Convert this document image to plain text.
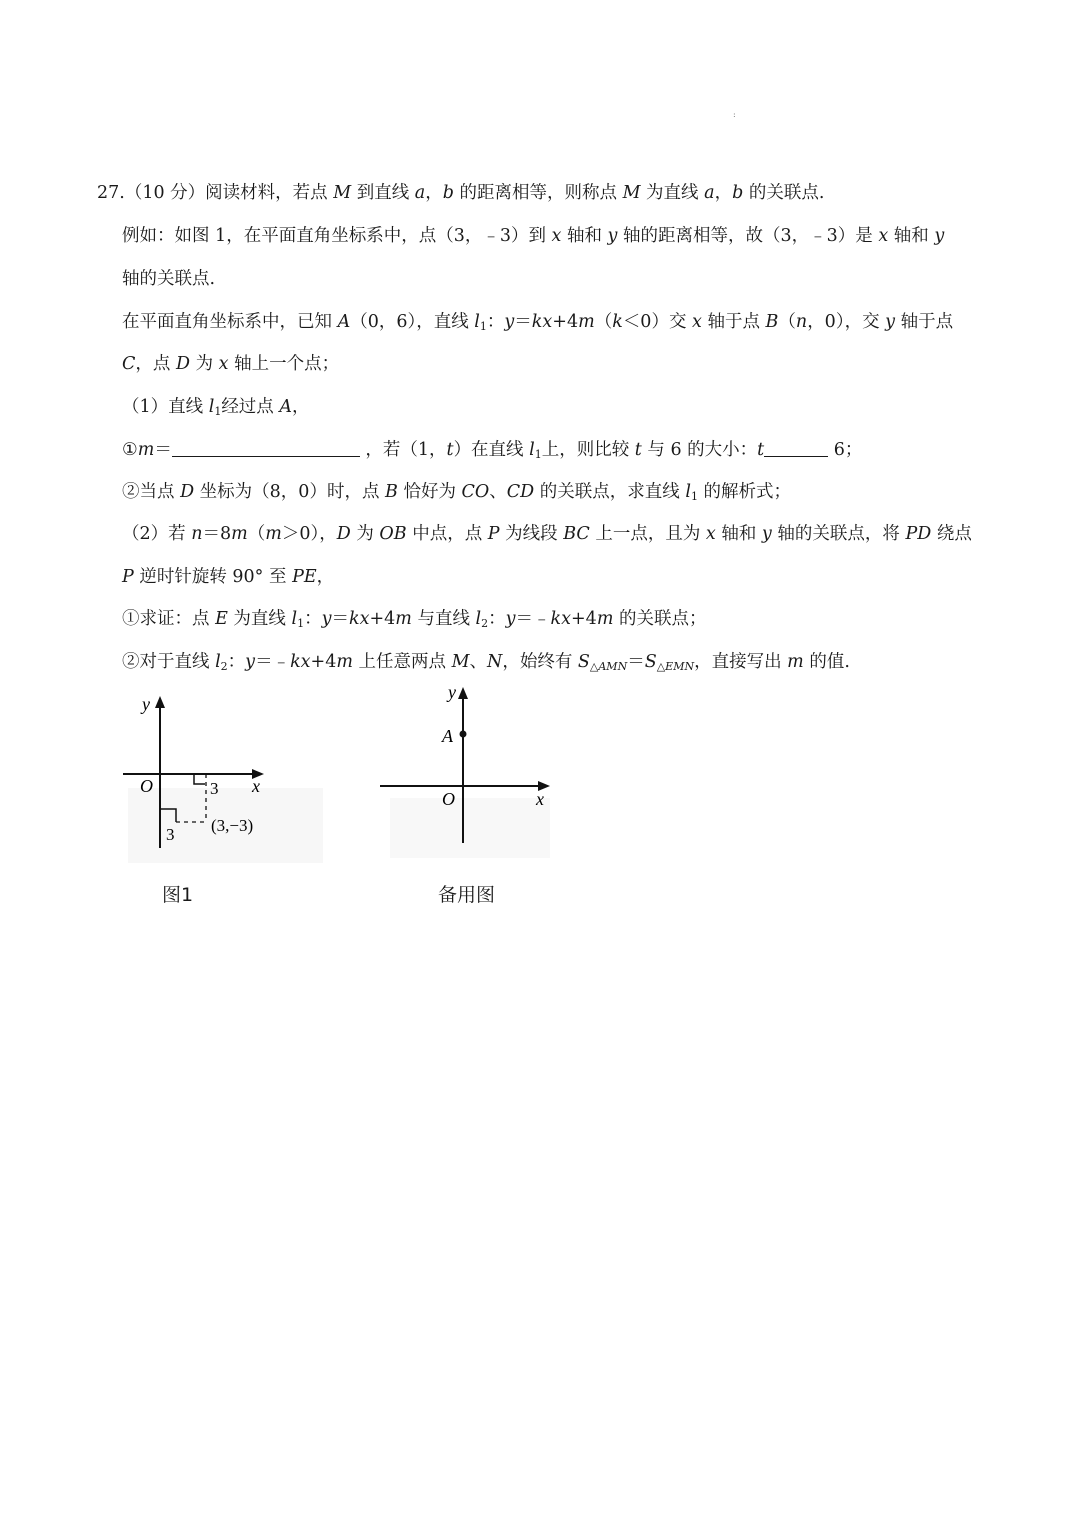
:
27.（10 分）阅读材料，若点 M 到直线 a，b 的距离相等，则称点 M 为直线 a，b 的关联点.
例如：如图 1，在平面直角坐标系中，点（3，﹣3）到 x 轴和 y 轴的距离相等，故（3，﹣3）是 x 轴和 y
轴的关联点.
在平面直角坐标系中，已知 A（0，6），直线 $l_1$：y＝kx+4m（k＜0）交 x 轴于点 B（n，0），交 y 轴于点
C，点 D 为 x 轴上一个点；
（1）直线 $l_1$经过点 A，
①m＝	，若（1，t）在直线 $l_1$上，则比较 t 与 6 的大小：t	6；
②当点 D 坐标为（8，0）时，点 B 恰好为 CO、CD 的关联点，求直线 $l_1$ 的解析式；
（2）若 n＝8m（m＞0），D 为 OB 中点，点 P 为线段 BC 上一点，且为 x 轴和 y 轴的关联点，将 PD 绕点
P 逆时针旋转 90° 至 PE，
①求证：点 E 为直线 $l_1$：y＝kx+4m 与直线 $l_2$：y＝﹣kx+4m 的关联点；
②对于直线 $l_2$：y＝﹣kx+4m 上任意两点 M、N，始终有 $S_{\triangle AMN}=S_{\triangle EMN}$，直接写出 m 的值.
y
x
O	3
3 (3,−3)
图1
y
x
O
A
备用图
